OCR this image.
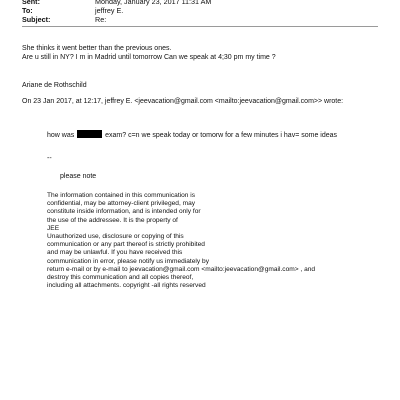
Sent:	Monday, January 23, 2017 11:31 AM
To:	jeffrey E.
Subject:	Re:
She thinks it went better than the previous ones.
Are u still in NY? I m in Madrid until tomorrow Can we speak at 4;30 pm my time ?
Ariane de Rothschild
On 23 Jan 2017, at 12:17, jeffrey E. <jeevacation@gmail.com <mailto:jeevacation@gmail.com>> wrote:
how was	exam? c=n we speak today or tomorw for a few minutes i hav= some ideas
--
please note
The information contained in this communication is
confidential, may be attorney-client privileged, may
constitute inside information, and is intended only for
the use of the addressee. It is the property of
JEE
Unauthorized use, disclosure or copying of this
communication or any part thereof is strictly prohibited
and may be unlawful. If you have received this
communication in error, please notify us immediately by
return e-mail or by e-mail to jeevacation@gmail.com <mailto:jeevacation@gmail.com> , and
destroy this communication and all copies thereof,
including all attachments. copyright -all rights reserved
